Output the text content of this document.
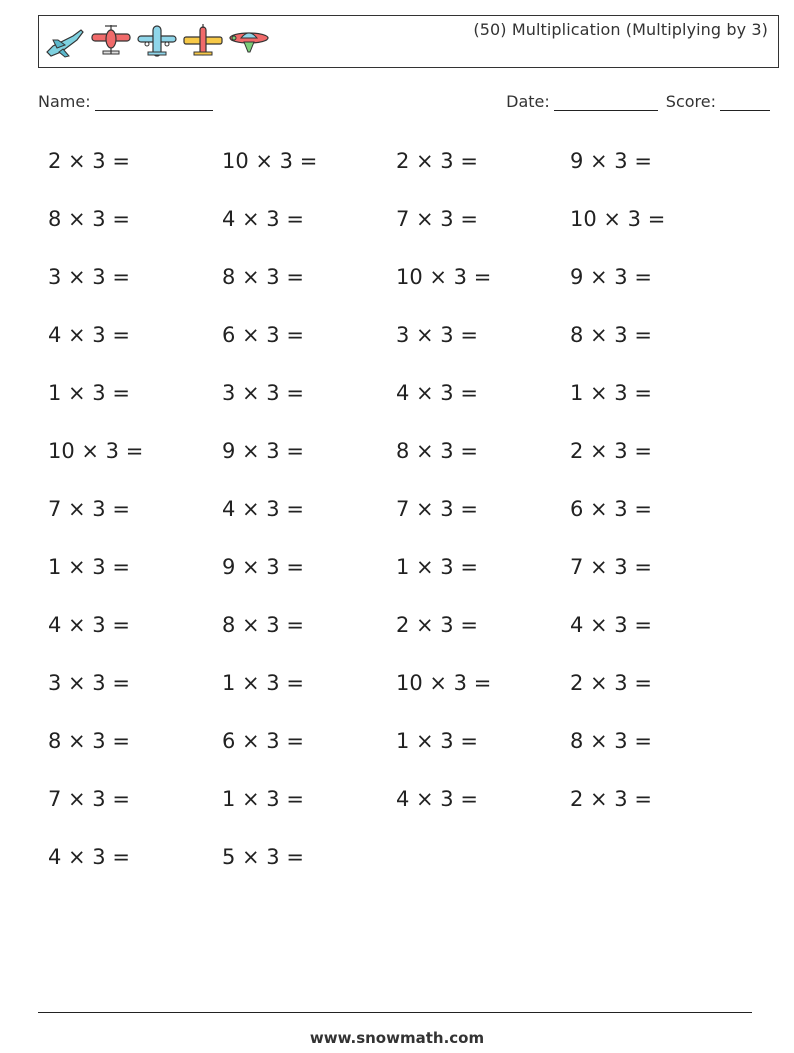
(50) Multiplication (Multiplying by 3)
Name:	Date:	Score:
2 × 3 =	10 × 3 =	2 × 3 =	9 × 3 =
8 × 3 =	4 × 3 =	7 × 3 =	10 × 3 =
3 × 3 =	8 × 3 =	10 × 3 =	9 × 3 =
4 × 3 =	6 × 3 =	3 × 3 =	8 × 3 =
1 × 3 =	3 × 3 =	4 × 3 =	1 × 3 =
10 × 3 =	9 × 3 =	8 × 3 =	2 × 3 =
7 × 3 =	4 × 3 =	7 × 3 =	6 × 3 =
1 × 3 =	9 × 3 =	1 × 3 =	7 × 3 =
4 × 3 =	8 × 3 =	2 × 3 =	4 × 3 =
3 × 3 =	1 × 3 =	10 × 3 =	2 × 3 =
8 × 3 =	6 × 3 =	1 × 3 =	8 × 3 =
7 × 3 =	1 × 3 =	4 × 3 =	2 × 3 =
4 × 3 =	5 × 3 =
www.snowmath.com
